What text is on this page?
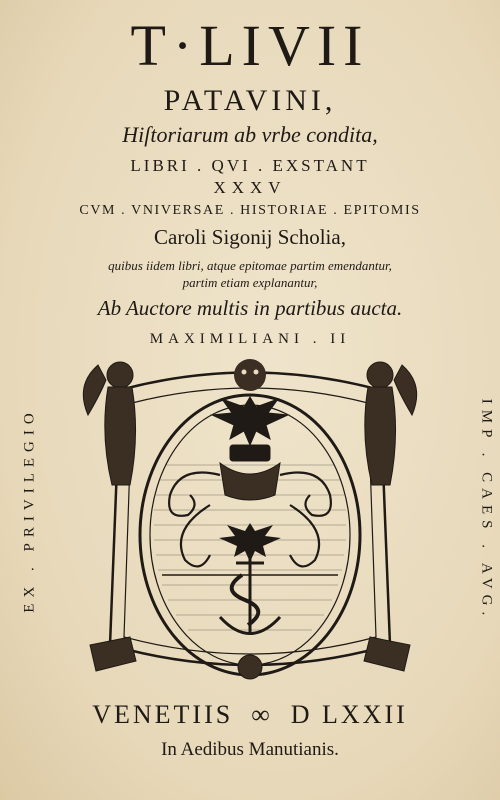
T·LIVII
PATAVINI,
Hiſtoriarum ab vrbe condita,
LIBRI . QVI . EXSTANT
XXXV
CVM . VNIVERSAE . HISTORIAE . EPITOMIS
Caroli Sigonij Scholia,
quibus iidem libri, atque epitomae partim emendantur,
partim etiam explanantur,
Ab Auctore multis in partibus aucta.
MAXIMILIANI . II
EX . PRIVILEGIO	IMP . CAES . AVG.
VENETIIS ∞ D LXXII
In Aedibus Manutianis.
